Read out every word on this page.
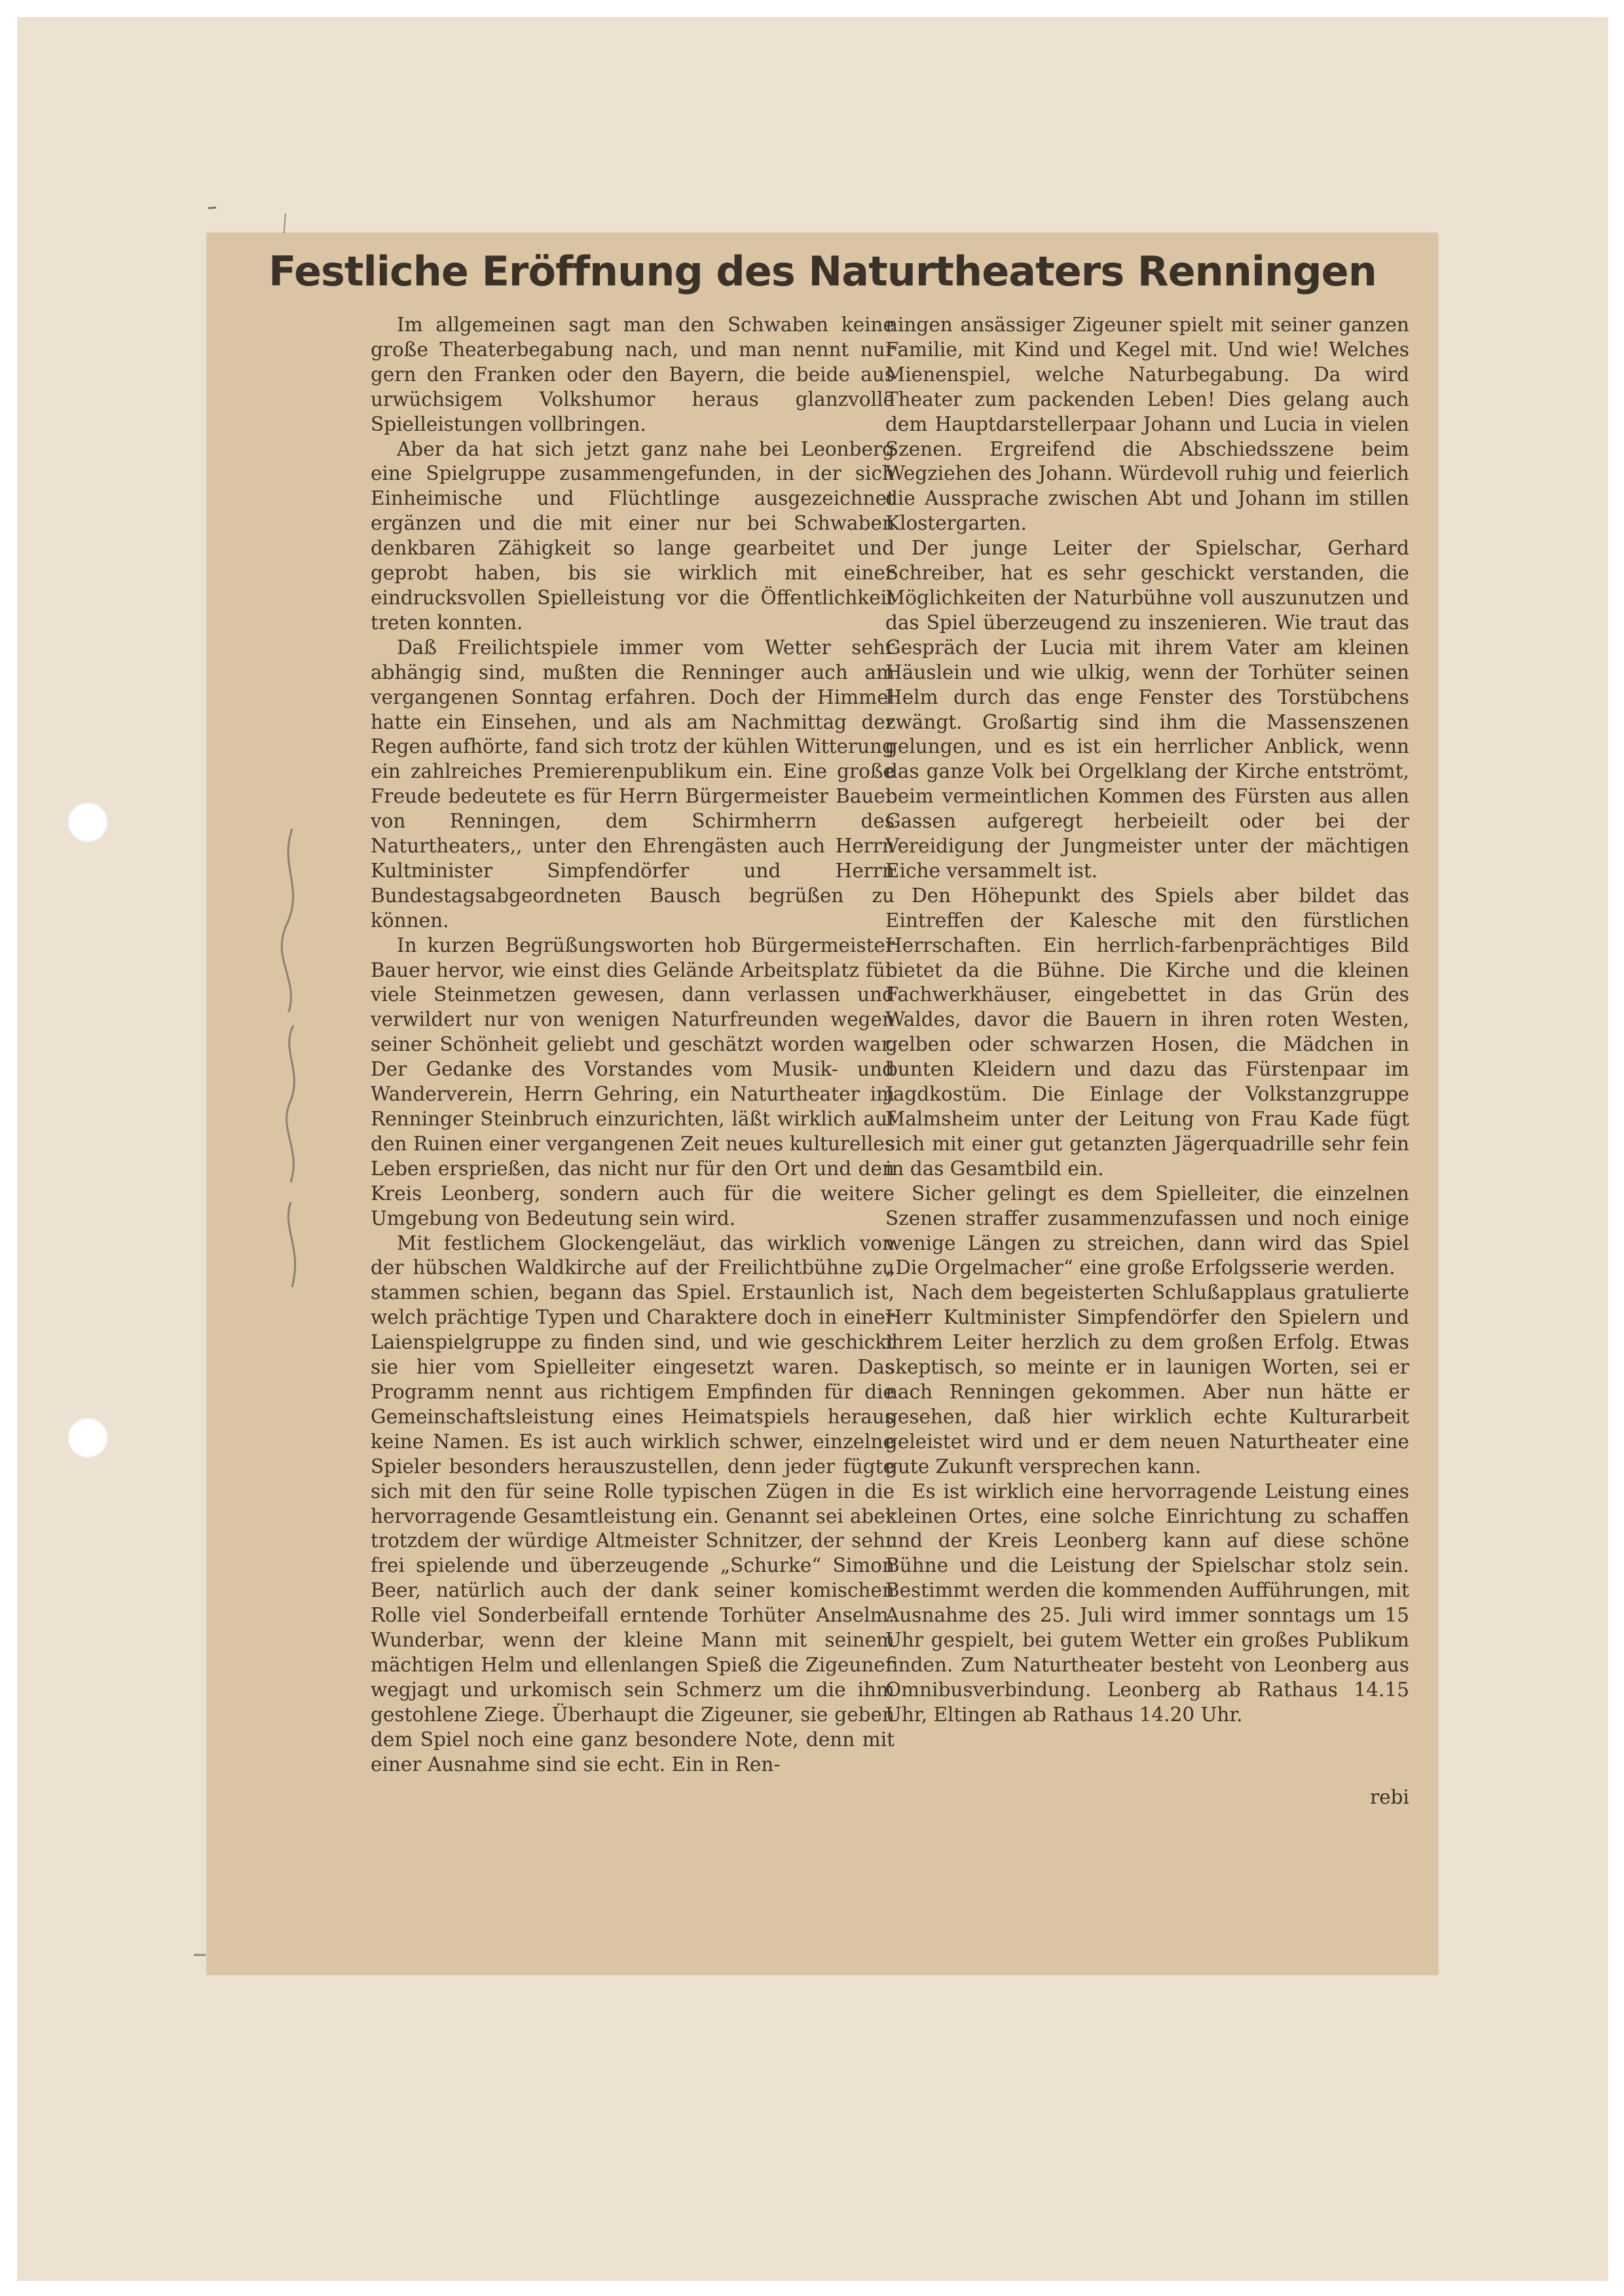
Festliche Eröffnung des Naturtheaters Renningen

Im allgemeinen sagt man den Schwaben keine große Theaterbegabung nach, und man nennt nur gern den Franken oder den Bayern, die beide aus urwüchsigem Volkshumor heraus glanzvolle Spielleistungen vollbringen.

Aber da hat sich jetzt ganz nahe bei Leonberg eine Spielgruppe zusammengefunden, in der sich Einheimische und Flüchtlinge ausgezeichnet ergänzen und die mit einer nur bei Schwaben denkbaren Zähigkeit so lange gearbeitet und geprobt haben, bis sie wirklich mit einer eindrucksvollen Spielleistung vor die Öffentlichkeit treten konnten.

Daß Freilichtspiele immer vom Wetter sehr abhängig sind, mußten die Renninger auch am vergangenen Sonntag erfahren. Doch der Himmel hatte ein Einsehen, und als am Nachmittag der Regen aufhörte, fand sich trotz der kühlen Witterung ein zahlreiches Premierenpublikum ein. Eine große Freude bedeutete es für Herrn Bürgermeister Bauer von Renningen, dem Schirmherrn des Naturtheaters,, unter den Ehrengästen auch Herrn Kultminister Simpfendörfer und Herrn Bundestagsabgeordneten Bausch begrüßen zu können.

In kurzen Begrüßungsworten hob Bürgermeister Bauer hervor, wie einst dies Gelände Arbeitsplatz für viele Steinmetzen gewesen, dann verlassen und verwildert nur von wenigen Naturfreunden wegen seiner Schönheit geliebt und geschätzt worden war. Der Gedanke des Vorstandes vom Musik- und Wanderverein, Herrn Gehring, ein Naturtheater im Renninger Steinbruch einzurichten, läßt wirklich auf den Ruinen einer vergangenen Zeit neues kulturelles Leben ersprießen, das nicht nur für den Ort und den Kreis Leonberg, sondern auch für die weitere Umgebung von Bedeutung sein wird.

Mit festlichem Glockengeläut, das wirklich von der hübschen Waldkirche auf der Freilichtbühne zu stammen schien, begann das Spiel. Erstaunlich ist, welch prächtige Typen und Charaktere doch in einer Laienspielgruppe zu finden sind, und wie geschickt sie hier vom Spielleiter eingesetzt waren. Das Programm nennt aus richtigem Empfinden für die Gemeinschaftsleistung eines Heimatspiels heraus keine Namen. Es ist auch wirklich schwer, einzelne Spieler besonders herauszustellen, denn jeder fügte sich mit den für seine Rolle typischen Zügen in die hervorragende Gesamtleistung ein. Genannt sei aber trotzdem der würdige Altmeister Schnitzer, der sehr frei spielende und überzeugende „Schurke“ Simon Beer, natürlich auch der dank seiner komischen Rolle viel Sonderbeifall erntende Torhüter Anselm. Wunderbar, wenn der kleine Mann mit seinem mächtigen Helm und ellenlangen Spieß die Zigeuner wegjagt und urkomisch sein Schmerz um die ihm gestohlene Ziege. Überhaupt die Zigeuner, sie geben dem Spiel noch eine ganz besondere Note, denn mit einer Ausnahme sind sie echt. Ein in Ren-

ningen ansässiger Zigeuner spielt mit seiner ganzen Familie, mit Kind und Kegel mit. Und wie! Welches Mienenspiel, welche Naturbegabung. Da wird Theater zum packenden Leben! Dies gelang auch dem Hauptdarstellerpaar Johann und Lucia in vielen Szenen. Ergreifend die Abschiedsszene beim Wegziehen des Johann. Würdevoll ruhig und feierlich die Aussprache zwischen Abt und Johann im stillen Klostergarten.

Der junge Leiter der Spielschar, Gerhard Schreiber, hat es sehr geschickt verstanden, die Möglichkeiten der Naturbühne voll auszunutzen und das Spiel überzeugend zu inszenieren. Wie traut das Gespräch der Lucia mit ihrem Vater am kleinen Häuslein und wie ulkig, wenn der Torhüter seinen Helm durch das enge Fenster des Torstübchens zwängt. Großartig sind ihm die Massenszenen gelungen, und es ist ein herrlicher Anblick, wenn das ganze Volk bei Orgelklang der Kirche entströmt, beim vermeintlichen Kommen des Fürsten aus allen Gassen aufgeregt herbeieilt oder bei der Vereidigung der Jungmeister unter der mächtigen Eiche versammelt ist.

Den Höhepunkt des Spiels aber bildet das Eintreffen der Kalesche mit den fürstlichen Herrschaften. Ein herrlich-farbenprächtiges Bild bietet da die Bühne. Die Kirche und die kleinen Fachwerkhäuser, eingebettet in das Grün des Waldes, davor die Bauern in ihren roten Westen, gelben oder schwarzen Hosen, die Mädchen in bunten Kleidern und dazu das Fürstenpaar im Jagdkostüm. Die Einlage der Volkstanzgruppe Malmsheim unter der Leitung von Frau Kade fügt sich mit einer gut getanzten Jägerquadrille sehr fein in das Gesamtbild ein.

Sicher gelingt es dem Spielleiter, die einzelnen Szenen straffer zusammenzufassen und noch einige wenige Längen zu streichen, dann wird das Spiel „Die Orgelmacher“ eine große Erfolgsserie werden.

Nach dem begeisterten Schlußapplaus gratulierte Herr Kultminister Simpfendörfer den Spielern und ihrem Leiter herzlich zu dem großen Erfolg. Etwas skeptisch, so meinte er in launigen Worten, sei er nach Renningen gekommen. Aber nun hätte er gesehen, daß hier wirklich echte Kulturarbeit geleistet wird und er dem neuen Naturtheater eine gute Zukunft versprechen kann.

Es ist wirklich eine hervorragende Leistung eines kleinen Ortes, eine solche Einrichtung zu schaffen und der Kreis Leonberg kann auf diese schöne Bühne und die Leistung der Spielschar stolz sein. Bestimmt werden die kommenden Aufführungen, mit Ausnahme des 25. Juli wird immer sonntags um 15 Uhr gespielt, bei gutem Wetter ein großes Publikum finden. Zum Naturtheater besteht von Leonberg aus Omnibusverbindung. Leonberg ab Rathaus 14.15 Uhr, Eltingen ab Rathaus 14.20 Uhr.

rebi
